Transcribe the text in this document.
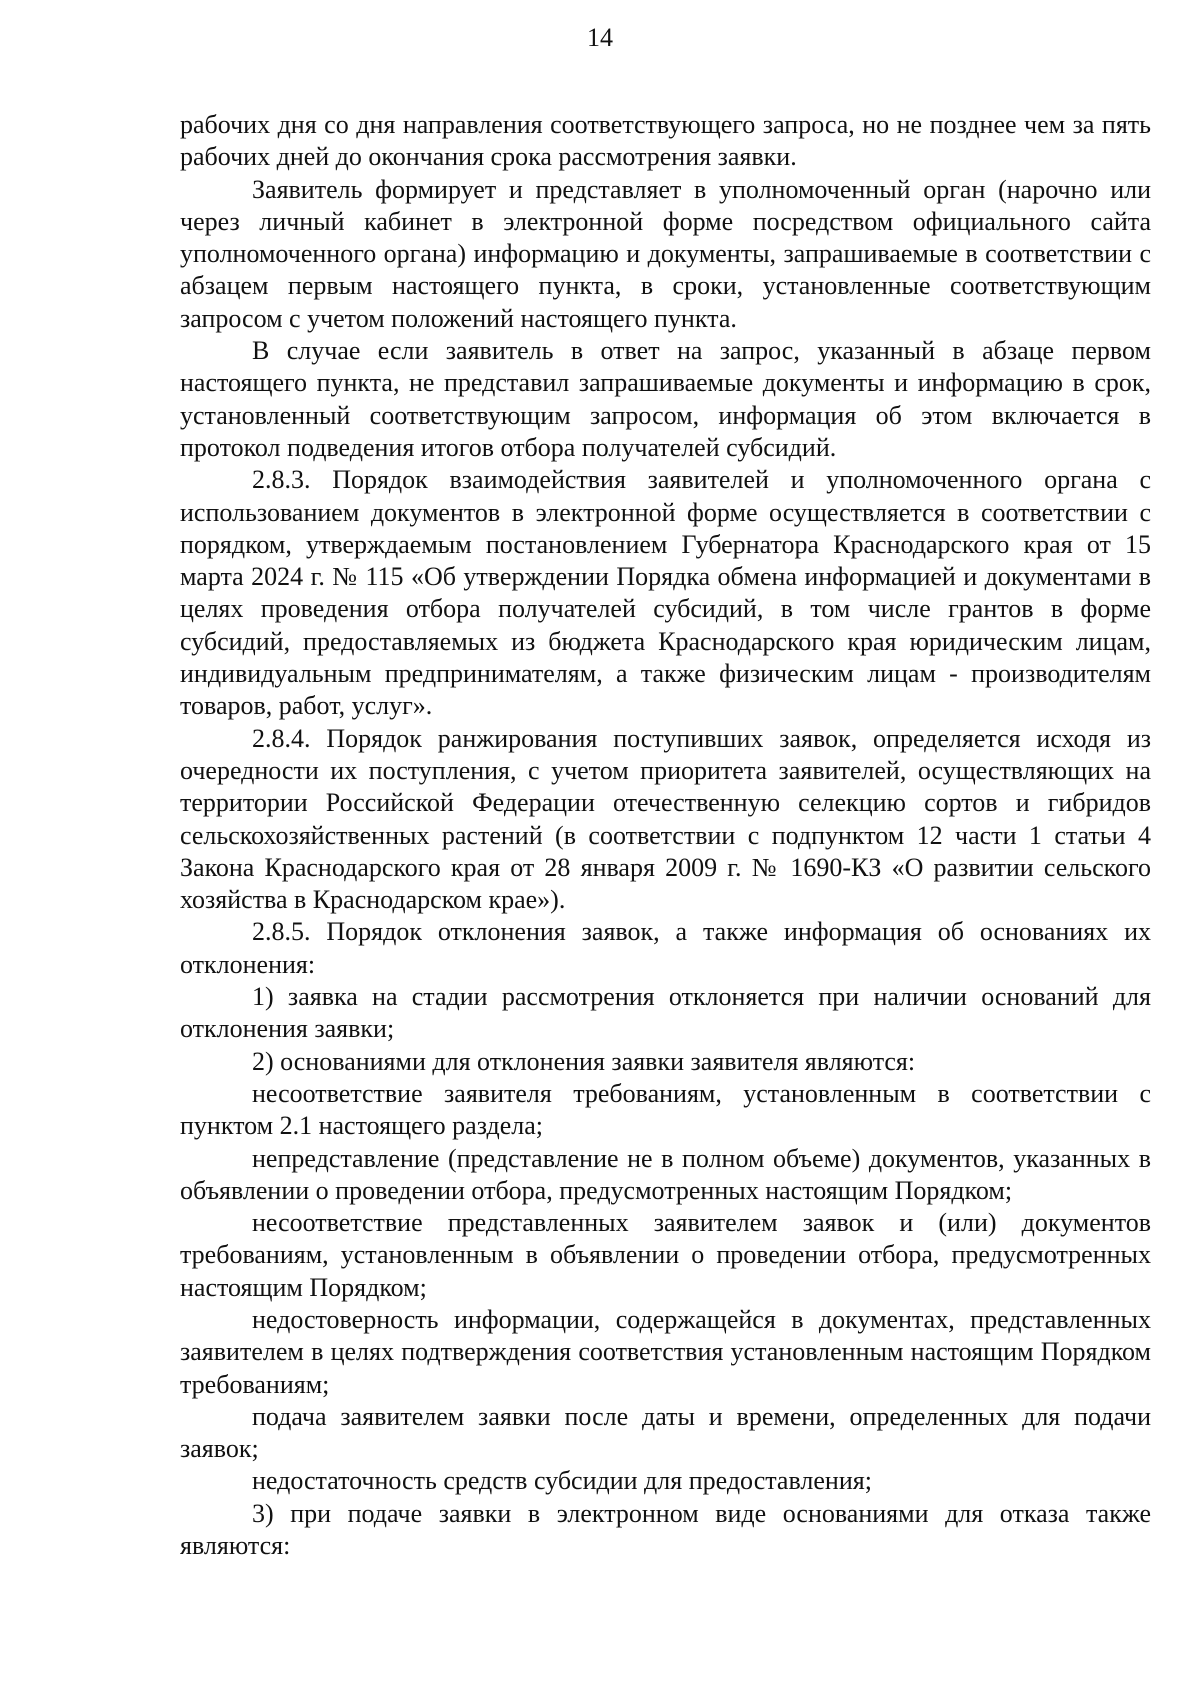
14

рабочих дня со дня направления соответствующего запроса, но не позднее чем за пять рабочих дней до окончания срока рассмотрения заявки.

Заявитель формирует и представляет в уполномоченный орган (нарочно или через личный кабинет в электронной форме посредством официального сайта уполномоченного органа) информацию и документы, запрашиваемые в соответствии с абзацем первым настоящего пункта, в сроки, установленные соответствующим запросом с учетом положений настоящего пункта.

В случае если заявитель в ответ на запрос, указанный в абзаце первом настоящего пункта, не представил запрашиваемые документы и информацию в срок, установленный соответствующим запросом, информация об этом включается в протокол подведения итогов отбора получателей субсидий.

2.8.3. Порядок взаимодействия заявителей и уполномоченного органа с использованием документов в электронной форме осуществляется в соответствии с порядком, утверждаемым постановлением Губернатора Краснодарского края от 15 марта 2024 г. № 115 «Об утверждении Порядка обмена информацией и документами в целях проведения отбора получателей субсидий, в том числе грантов в форме субсидий, предоставляемых из бюджета Краснодарского края юридическим лицам, индивидуальным предпринимателям, а также физическим лицам - производителям товаров, работ, услуг».

2.8.4. Порядок ранжирования поступивших заявок, определяется исходя из очередности их поступления, с учетом приоритета заявителей, осуществляющих на территории Российской Федерации отечественную селекцию сортов и гибридов сельскохозяйственных растений (в соответствии с подпунктом 12 части 1 статьи 4 Закона Краснодарского края от 28 января 2009 г. № 1690-КЗ «О развитии сельского хозяйства в Краснодарском крае»).

2.8.5. Порядок отклонения заявок, а также информация об основаниях их отклонения:

1) заявка на стадии рассмотрения отклоняется при наличии оснований для отклонения заявки;

2) основаниями для отклонения заявки заявителя являются:

несоответствие заявителя требованиям, установленным в соответствии с пунктом 2.1 настоящего раздела;

непредставление (представление не в полном объеме) документов, указанных в объявлении о проведении отбора, предусмотренных настоящим Порядком;

несоответствие представленных заявителем заявок и (или) документов требованиям, установленным в объявлении о проведении отбора, предусмотренных настоящим Порядком;

недостоверность информации, содержащейся в документах, представленных заявителем в целях подтверждения соответствия установленным настоящим Порядком требованиям;

подача заявителем заявки после даты и времени, определенных для подачи заявок;

недостаточность средств субсидии для предоставления;

3) при подаче заявки в электронном виде основаниями для отказа также являются:
